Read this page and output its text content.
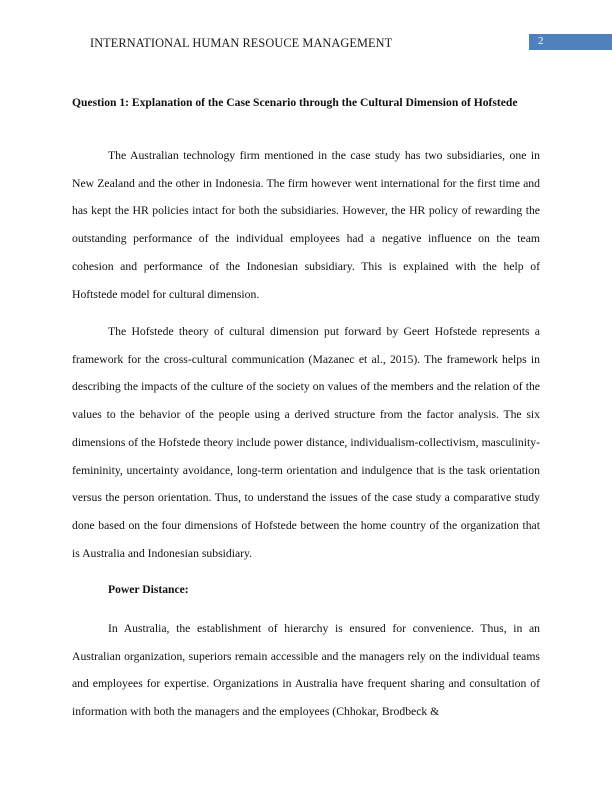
INTERNATIONAL HUMAN RESOUCE MANAGEMENT	2
Question 1: Explanation of the Case Scenario through the Cultural Dimension of Hofstede

The Australian technology firm mentioned in the case study has two subsidiaries, one in New Zealand and the other in Indonesia. The firm however went international for the first time and has kept the HR policies intact for both the subsidiaries. However, the HR policy of rewarding the outstanding performance of the individual employees had a negative influence on the team cohesion and performance of the Indonesian subsidiary. This is explained with the help of Hoftstede model for cultural dimension.

The Hofstede theory of cultural dimension put forward by Geert Hofstede represents a framework for the cross-cultural communication (Mazanec et al., 2015). The framework helps in describing the impacts of the culture of the society on values of the members and the relation of the values to the behavior of the people using a derived structure from the factor analysis. The six dimensions of the Hofstede theory include power distance, individualism-collectivism, masculinity-femininity, uncertainty avoidance, long-term orientation and indulgence that is the task orientation versus the person orientation. Thus, to understand the issues of the case study a comparative study done based on the four dimensions of Hofstede between the home country of the organization that is Australia and Indonesian subsidiary.

Power Distance:

In Australia, the establishment of hierarchy is ensured for convenience. Thus, in an Australian organization, superiors remain accessible and the managers rely on the individual teams and employees for expertise. Organizations in Australia have frequent sharing and consultation of information with both the managers and the employees (Chhokar, Brodbeck &
